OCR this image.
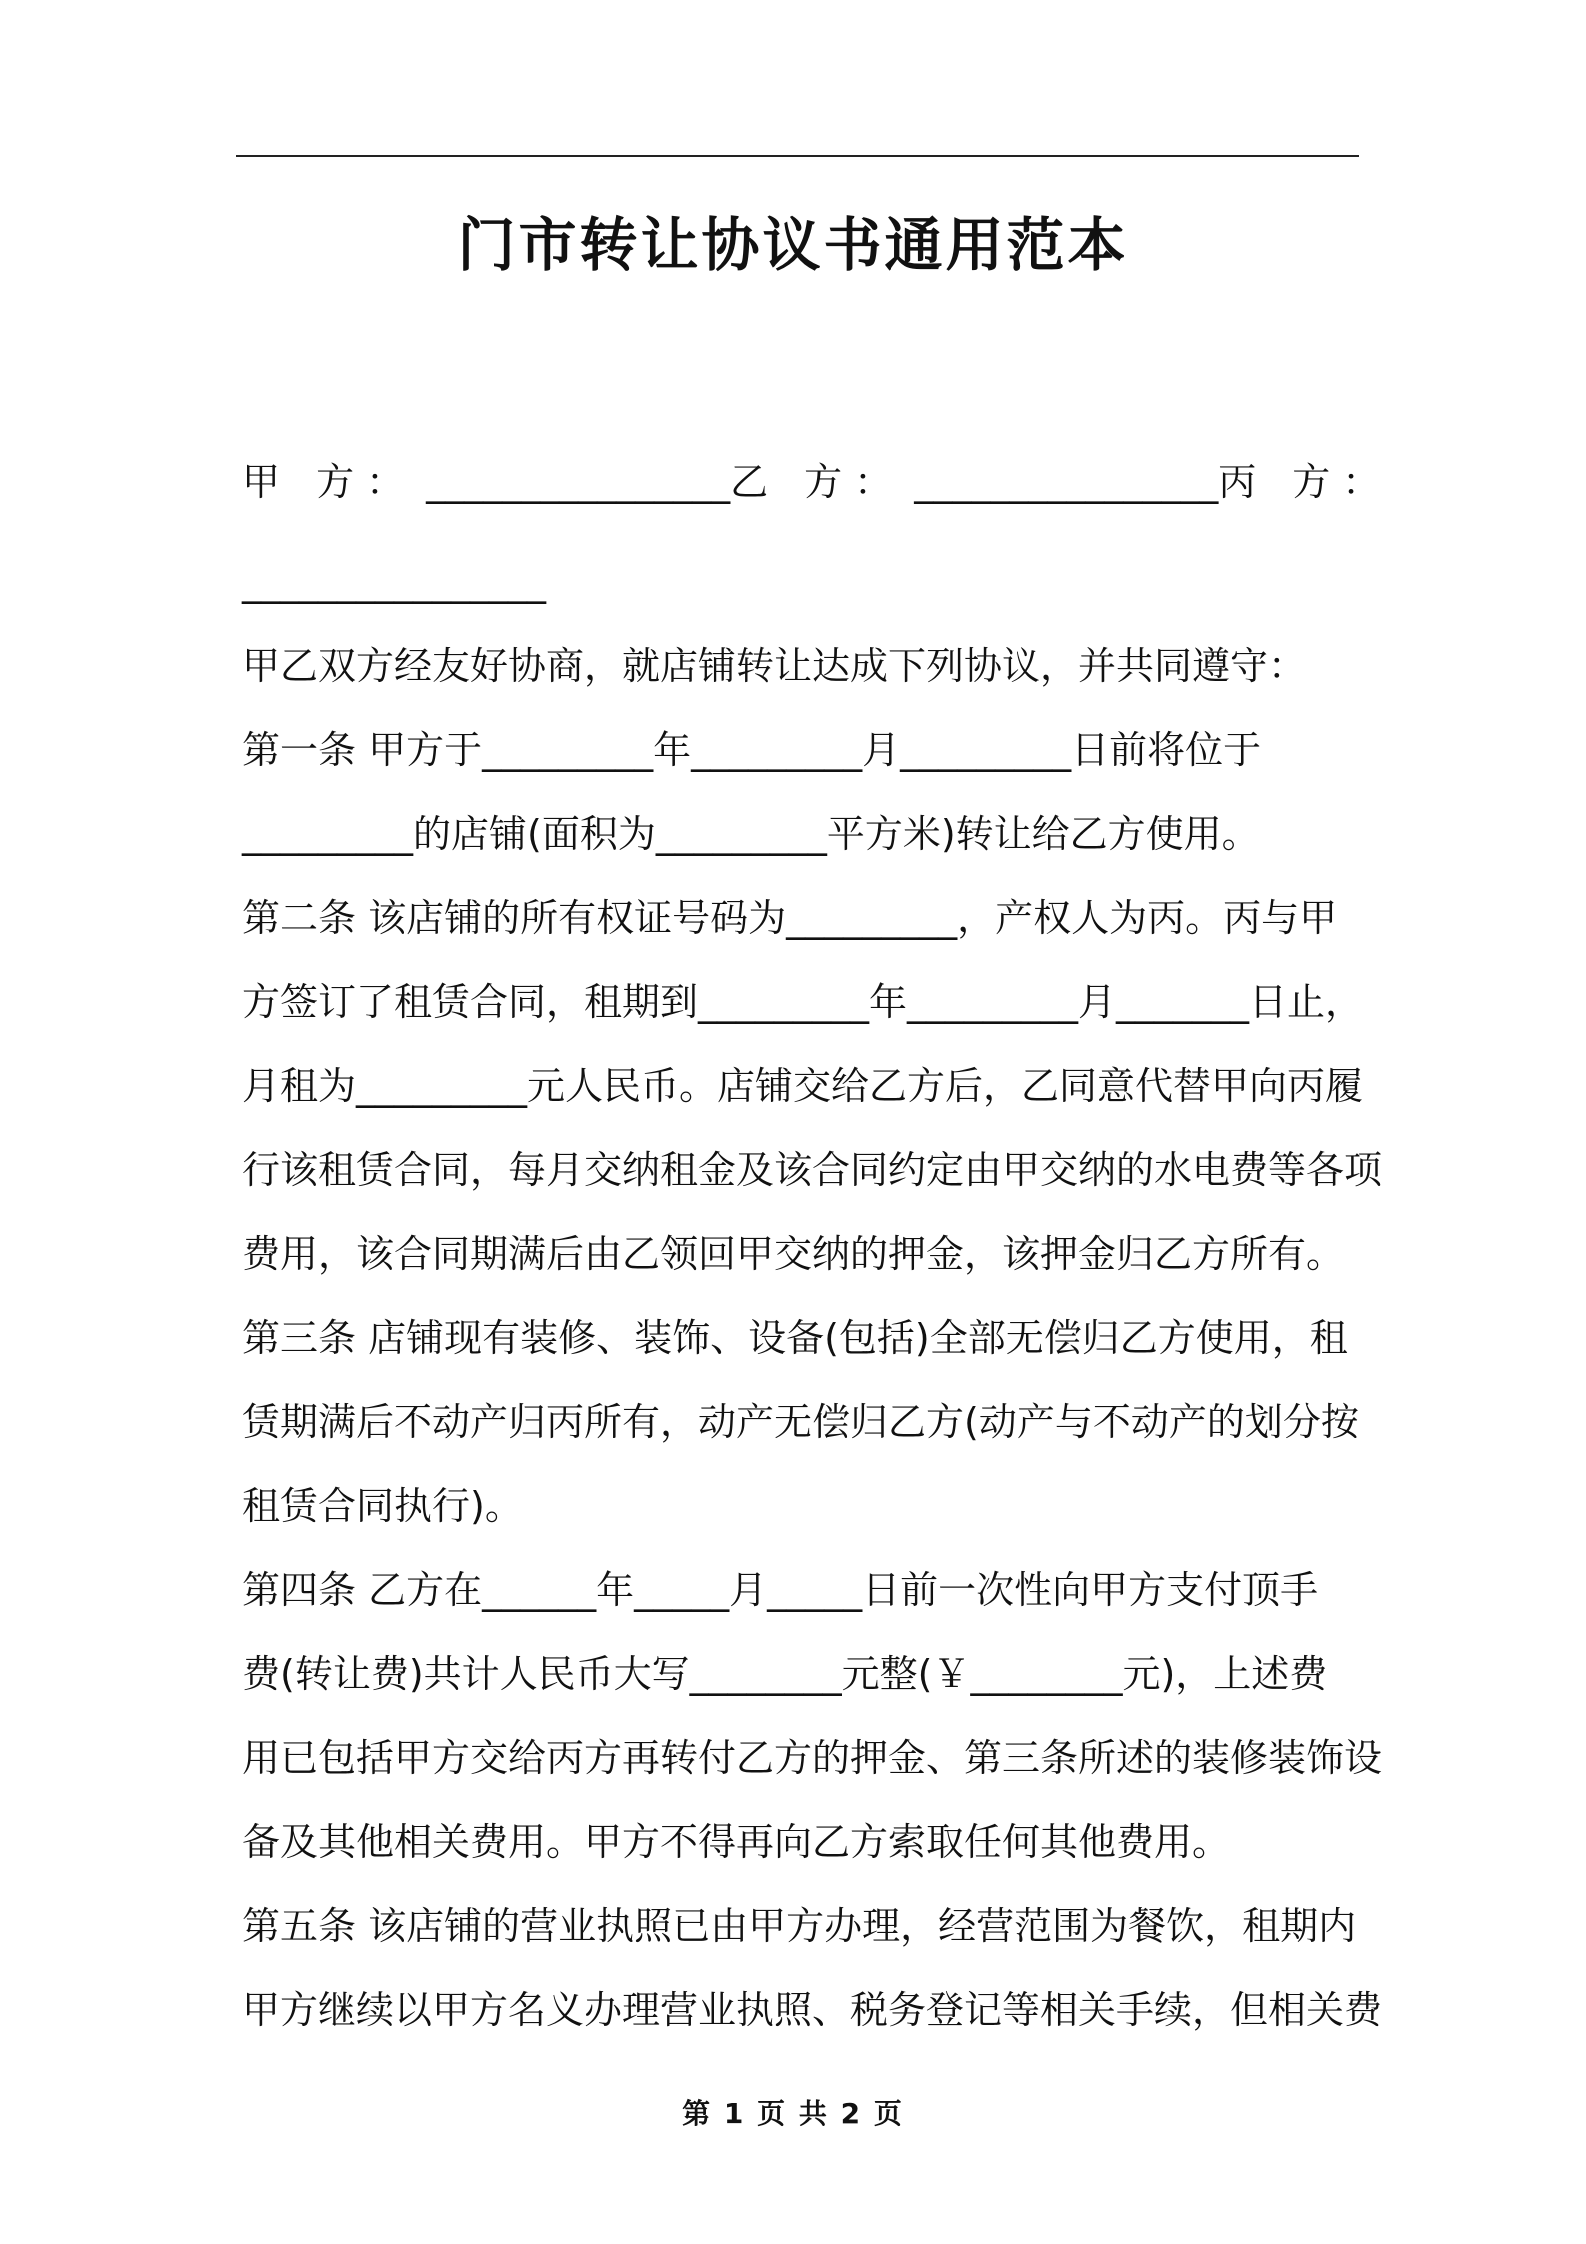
门市转让协议书通用范本
甲 方： ________________乙 方： ________________丙 方：
________________

甲乙双方经友好协商，就店铺转让达成下列协议，并共同遵守：

第一条 甲方于_________年_________月_________日前将位于

_________的店铺(面积为_________平方米)转让给乙方使用。

第二条 该店铺的所有权证号码为_________，产权人为丙。丙与甲

方签订了租赁合同，租期到_________年_________月_______日止，

月租为_________元人民币。店铺交给乙方后，乙同意代替甲向丙履

行该租赁合同，每月交纳租金及该合同约定由甲交纳的水电费等各项

费用，该合同期满后由乙领回甲交纳的押金，该押金归乙方所有。

第三条 店铺现有装修、装饰、设备(包括)全部无偿归乙方使用，租

赁期满后不动产归丙所有，动产无偿归乙方(动产与不动产的划分按

租赁合同执行)。

第四条 乙方在______年_____月_____日前一次性向甲方支付顶手

费(转让费)共计人民币大写________元整(￥________元)，上述费

用已包括甲方交给丙方再转付乙方的押金、第三条所述的装修装饰设

备及其他相关费用。甲方不得再向乙方索取任何其他费用。

第五条 该店铺的营业执照已由甲方办理，经营范围为餐饮，租期内

甲方继续以甲方名义办理营业执照、税务登记等相关手续，但相关费

第 1 页 共 2 页
